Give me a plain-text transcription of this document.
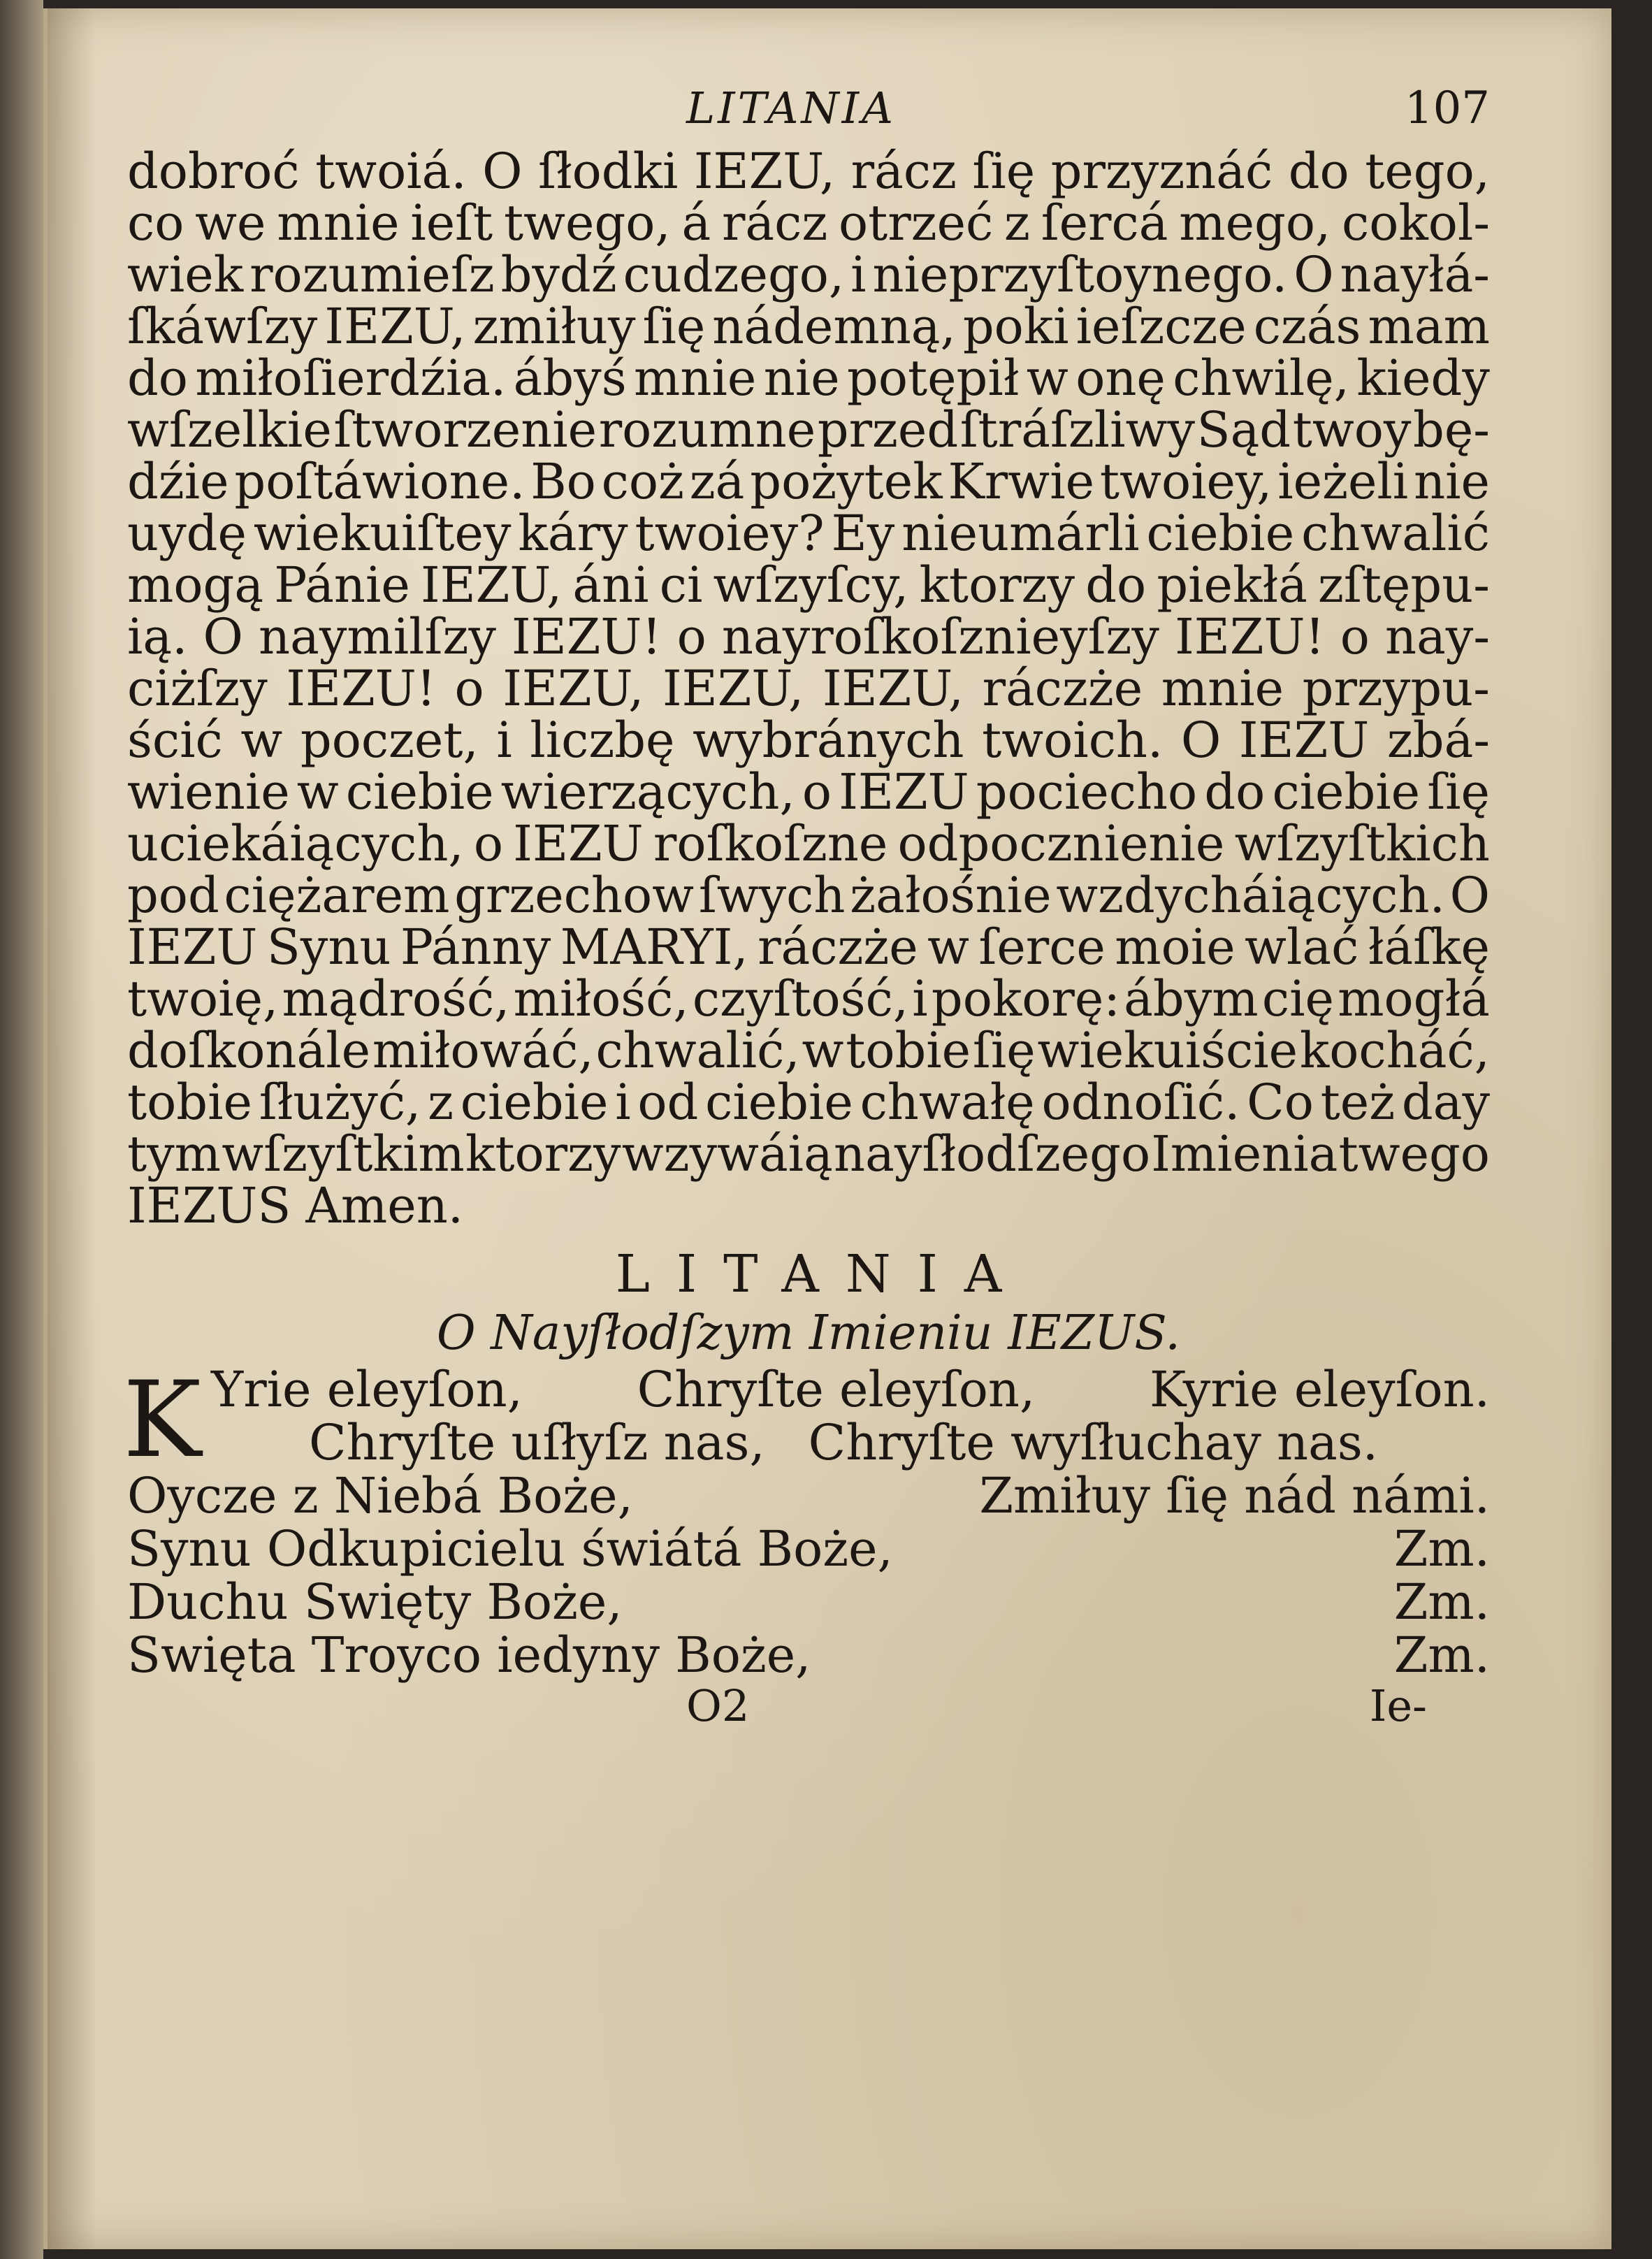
LITANIA	107
dobroć twoiá. O ſłodki IEZU, rácz ſię przyznáć do tego,
co we mnie ieſt twego, á rácz otrzeć z ſercá mego, cokol-
wiek rozumieſz bydź cudzego, i nieprzyſtoynego. O nayłá-
ſkáwſzy IEZU, zmiłuy ſię nádemną, poki ieſzcze czás mam
do miłoſierdźia. ábyś mnie nie potępił w onę chwilę, kiedy
wſzelkie ſtworzenie rozumne przed ſtráſzliwy Sąd twoy bę-
dźie poſtáwione. Bo coż zá pożytek Krwie twoiey, ieżeli nie
uydę wiekuiſtey káry twoiey? Ey nieumárli ciebie chwalić
mogą Pánie IEZU, áni ci wſzyſcy, ktorzy do piekłá zſtępu-
ią. O naymilſzy IEZU! o nayroſkoſznieyſzy IEZU! o nay-
ciżſzy IEZU! o IEZU, IEZU, IEZU, ráczże mnie przypu-
ścić w poczet, i liczbę wybránych twoich. O IEZU zbá-
wienie w ciebie wierzących, o IEZU pociecho do ciebie ſię
uciekáiących, o IEZU roſkoſzne odpocznienie wſzyſtkich
pod ciężarem grzechow ſwych żałośnie wzdycháiących. O
IEZU Synu Pánny MARYI, ráczże w ſerce moie wlać łáſkę
twoię, mądrość, miłość, czyſtość, i pokorę: ábym cię mogłá
doſkonále miłowáć, chwalić, w tobie ſię wiekuiście kocháć,
tobie ſłużyć, z ciebie i od ciebie chwałę odnoſić. Co też day
tym wſzyſtkim ktorzy wzywáią nayſłodſzego Imienia twego
IEZUS Amen.
LITANIA
O Nayſłodſzym Imieniu IEZUS.
K Yrie eleyſon, Chryſte eleyſon, Kyrie eleyſon.
Chryſte uſłyſz nas, Chryſte wyſłuchay nas.
Oycze z Niebá Boże,	Zmiłuy ſię nád námi.
Synu Odkupicielu świátá Boże,	Zm.
Duchu Swięty Boże,	Zm.
Swięta Troyco iedyny Boże,	Zm.
O2	Ie-
